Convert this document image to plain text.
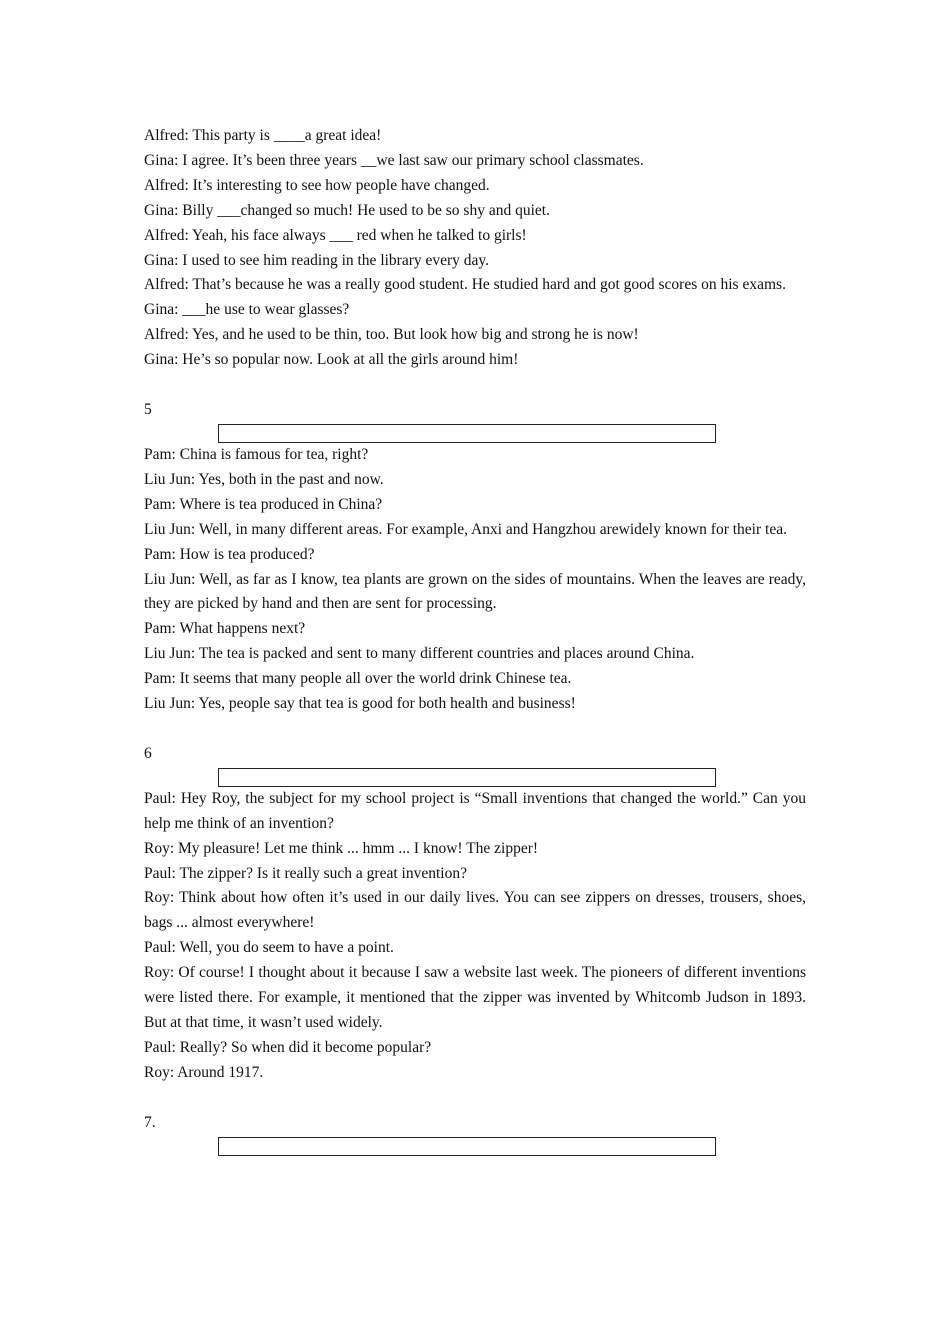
Alfred: This party is ____a great idea!
Gina: I agree. It’s been three years __we last saw our primary school classmates.
Alfred: It’s interesting to see how people have changed.
Gina: Billy ___changed so much! He used to be so shy and quiet.
Alfred: Yeah, his face always ___ red when he talked to girls!
Gina: I used to see him reading in the library every day.
Alfred: That’s because he was a really good student. He studied hard and got good scores on his exams.
Gina: ___he use to wear glasses?
Alfred: Yes, and he used to be thin, too. But look how big and strong he is now!
Gina: He’s so popular now. Look at all the girls around him!
5
Pam: China is famous for tea, right?
Liu Jun: Yes, both in the past and now.
Pam: Where is tea produced in China?
Liu Jun: Well, in many different areas. For example, Anxi and Hangzhou arewidely known for their tea.
Pam: How is tea produced?
Liu Jun: Well, as far as I know, tea plants are grown on the sides of mountains. When the leaves are ready, they are picked by hand and then are sent for processing.
Pam: What happens next?
Liu Jun: The tea is packed and sent to many different countries and places around China.
Pam: It seems that many people all over the world drink Chinese tea.
Liu Jun: Yes, people say that tea is good for both health and business!
6
Paul: Hey Roy, the subject for my school project is “Small inventions that changed the world.” Can you help me think of an invention?
Roy: My pleasure! Let me think ... hmm ... I know! The zipper!
Paul: The zipper? Is it really such a great invention?
Roy: Think about how often it’s used in our daily lives. You can see zippers on dresses, trousers, shoes, bags ... almost everywhere!
Paul: Well, you do seem to have a point.
Roy: Of course! I thought about it because I saw a website last week. The pioneers of different inventions were listed there. For example, it mentioned that the zipper was invented by Whitcomb Judson in 1893. But at that time, it wasn’t used widely.
Paul: Really? So when did it become popular?
Roy: Around 1917.
7.
